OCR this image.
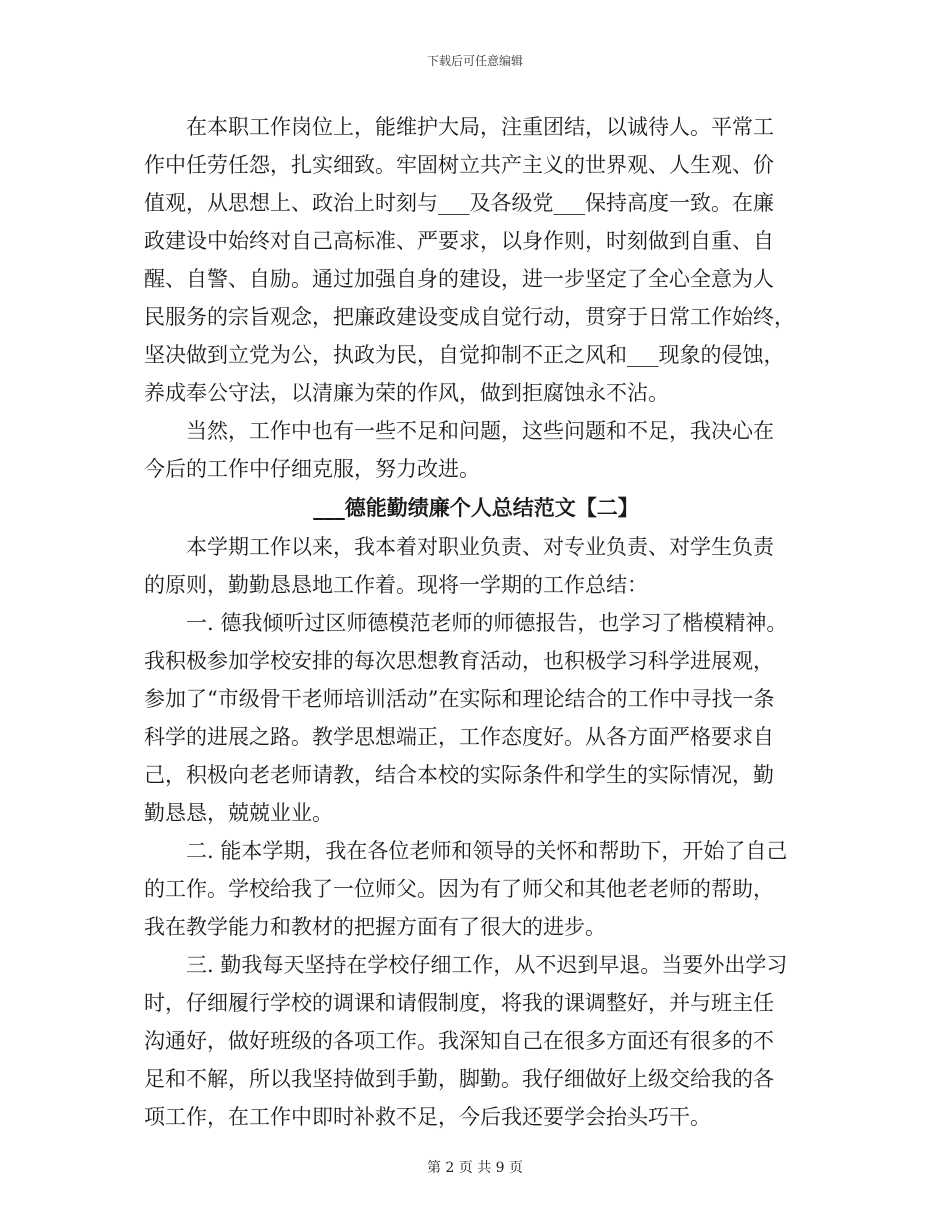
下载后可任意编辑
　　在本职工作岗位上，能维护大局，注重团结，以诚待人。平常工
作中任劳任怨，扎实细致。牢固树立共产主义的世界观、人生观、价
值观，从思想上、政治上时刻与___及各级党___保持高度一致。在廉
政建设中始终对自己高标准、严要求，以身作则，时刻做到自重、自
醒、自警、自励。通过加强自身的建设，进一步坚定了全心全意为人
民服务的宗旨观念，把廉政建设变成自觉行动，贯穿于日常工作始终，
坚决做到立党为公，执政为民，自觉抑制不正之风和___现象的侵蚀，
养成奉公守法，以清廉为荣的作风，做到拒腐蚀永不沾。
　　当然，工作中也有一些不足和问题，这些问题和不足，我决心在
今后的工作中仔细克服，努力改进。
___德能勤绩廉个人总结范文【二】
　　本学期工作以来，我本着对职业负责、对专业负责、对学生负责
的原则，勤勤恳恳地工作着。现将一学期的工作总结：
　　一. 德我倾听过区师德模范老师的师德报告，也学习了楷模精神。
我积极参加学校安排的每次思想教育活动，也积极学习科学进展观，
参加了“市级骨干老师培训活动”在实际和理论结合的工作中寻找一条
科学的进展之路。教学思想端正，工作态度好。从各方面严格要求自
己，积极向老老师请教，结合本校的实际条件和学生的实际情况，勤
勤恳恳，兢兢业业。
　　二. 能本学期，我在各位老师和领导的关怀和帮助下，开始了自己
的工作。学校给我了一位师父。因为有了师父和其他老老师的帮助，
我在教学能力和教材的把握方面有了很大的进步。
　　三. 勤我每天坚持在学校仔细工作，从不迟到早退。当要外出学习
时，仔细履行学校的调课和请假制度，将我的课调整好，并与班主任
沟通好，做好班级的各项工作。我深知自己在很多方面还有很多的不
足和不解，所以我坚持做到手勤，脚勤。我仔细做好上级交给我的各
项工作，在工作中即时补救不足，今后我还要学会抬头巧干。
第 2 页 共 9 页
